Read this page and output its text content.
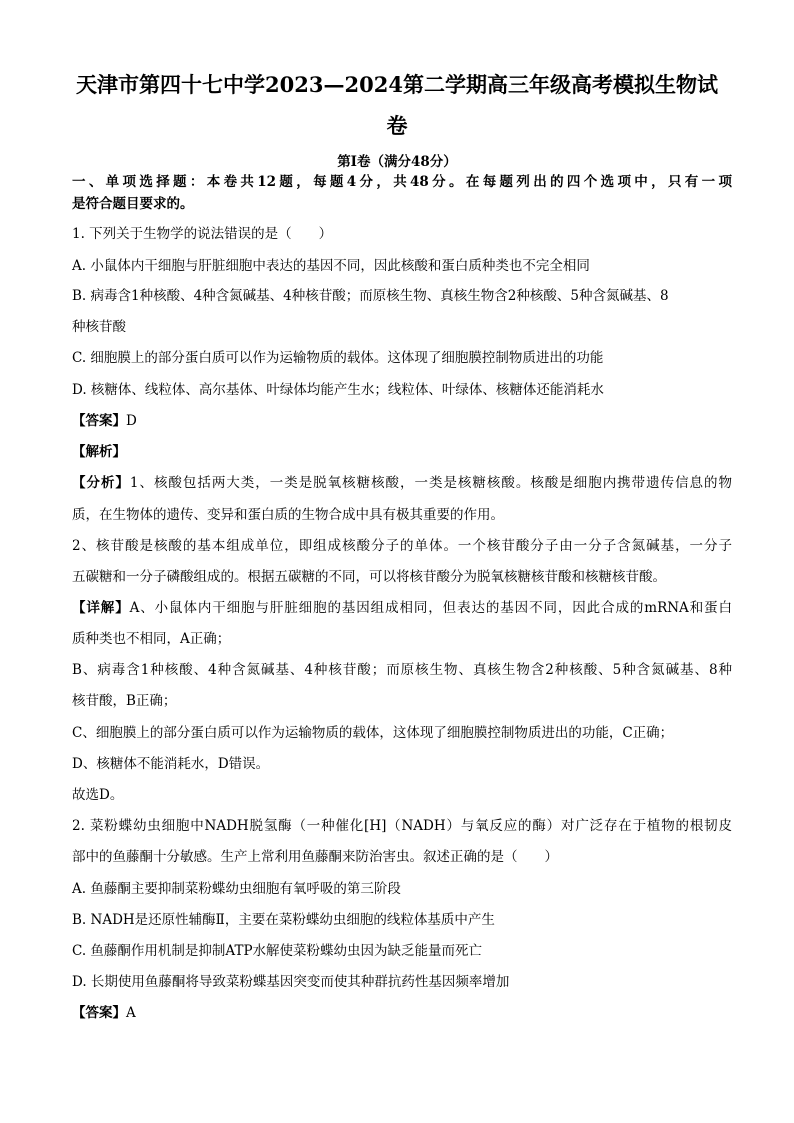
天津市第四十七中学2023—2024第二学期高三年级高考模拟生物试
卷
第I卷（满分48分）
一、单项选择题：本卷共12题，每题4分，共48分。在每题列出的四个选项中，只有一项
是符合题目要求的。
1. 下列关于生物学的说法错误的是（　　）
A. 小鼠体内干细胞与肝脏细胞中表达的基因不同，因此核酸和蛋白质种类也不完全相同
B. 病毒含1种核酸、4种含氮碱基、4种核苷酸；而原核生物、真核生物含2种核酸、5种含氮碱基、8
种核苷酸
C. 细胞膜上的部分蛋白质可以作为运输物质的载体。这体现了细胞膜控制物质进出的功能
D. 核糖体、线粒体、高尔基体、叶绿体均能产生水；线粒体、叶绿体、核糖体还能消耗水
【答案】D
【解析】
【分析】1、核酸包括两大类，一类是脱氧核糖核酸，一类是核糖核酸。核酸是细胞内携带遗传信息的物
质，在生物体的遗传、变异和蛋白质的生物合成中具有极其重要的作用。
2、核苷酸是核酸的基本组成单位，即组成核酸分子的单体。一个核苷酸分子由一分子含氮碱基，一分子
五碳糖和一分子磷酸组成的。根据五碳糖的不同，可以将核苷酸分为脱氧核糖核苷酸和核糖核苷酸。
【详解】A、小鼠体内干细胞与肝脏细胞的基因组成相同，但表达的基因不同，因此合成的mRNA和蛋白
质种类也不相同，A正确；
B、病毒含1种核酸、4种含氮碱基、4种核苷酸；而原核生物、真核生物含2种核酸、5种含氮碱基、8种
核苷酸，B正确；
C、细胞膜上的部分蛋白质可以作为运输物质的载体，这体现了细胞膜控制物质进出的功能，C正确；
D、核糖体不能消耗水，D错误。
故选D。
2. 菜粉蝶幼虫细胞中NADH脱氢酶（一种催化[H]（NADH）与氧反应的酶）对广泛存在于植物的根韧皮
部中的鱼藤酮十分敏感。生产上常利用鱼藤酮来防治害虫。叙述正确的是（　　）
A. 鱼藤酮主要抑制菜粉蝶幼虫细胞有氧呼吸的第三阶段
B. NADH是还原性辅酶Ⅱ，主要在菜粉蝶幼虫细胞的线粒体基质中产生
C. 鱼藤酮作用机制是抑制ATP水解使菜粉蝶幼虫因为缺乏能量而死亡
D. 长期使用鱼藤酮将导致菜粉蝶基因突变而使其种群抗药性基因频率增加
【答案】A
